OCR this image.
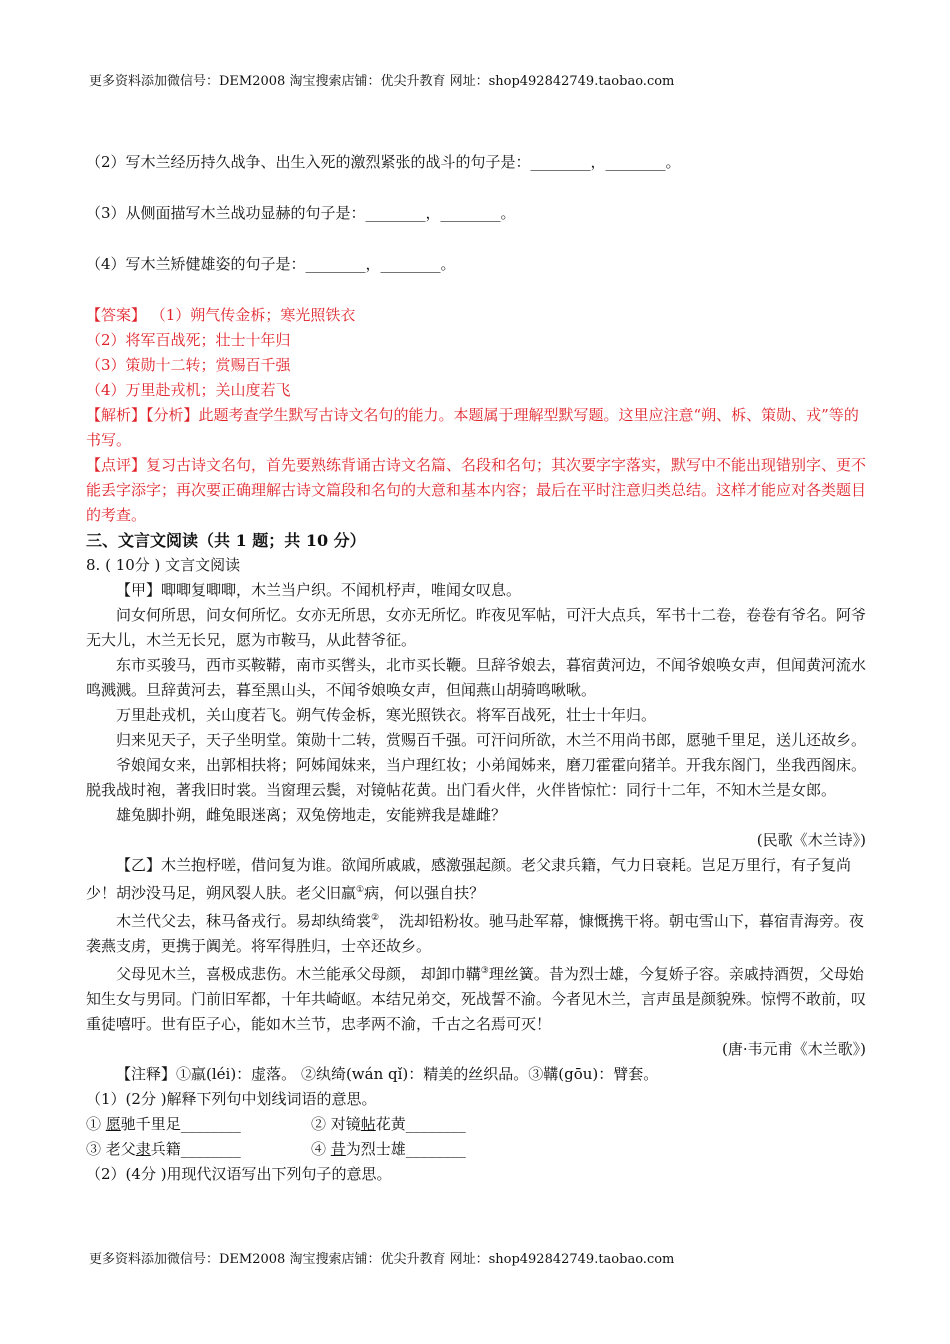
更多资料添加微信号：DEM2008 淘宝搜索店铺：优尖升教育 网址：shop492842749.taobao.com

（2）写木兰经历持久战争、出生入死的激烈紧张的战斗的句子是：________，________。

（3）从侧面描写木兰战功显赫的句子是：________，________。

（4）写木兰矫健雄姿的句子是：________，________。

【答案】 （1）朔气传金柝；寒光照铁衣

（2）将军百战死；壮士十年归

（3）策勋十二转；赏赐百千强

（4）万里赴戎机；关山度若飞

【解析】【分析】此题考查学生默写古诗文名句的能力。本题属于理解型默写题。这里应注意“朔、柝、策勋、戎”等的书写。

【点评】复习古诗文名句，首先要熟练背诵古诗文名篇、名段和名句；其次要字字落实，默写中不能出现错别字、更不能丢字添字；再次要正确理解古诗文篇段和名句的大意和基本内容；最后在平时注意归类总结。这样才能应对各类题目的考查。

三、文言文阅读（共 1 题；共 10 分）

8. ( 10分 ) 文言文阅读

【甲】唧唧复唧唧，木兰当户织。不闻机杼声，唯闻女叹息。

问女何所思，问女何所忆。女亦无所思，女亦无所忆。昨夜见军帖，可汗大点兵，军书十二卷，卷卷有爷名。阿爷无大儿，木兰无长兄，愿为市鞍马，从此替爷征。

东市买骏马，西市买鞍鞯，南市买辔头，北市买长鞭。旦辞爷娘去，暮宿黄河边，不闻爷娘唤女声，但闻黄河流水鸣溅溅。旦辞黄河去，暮至黑山头，不闻爷娘唤女声，但闻燕山胡骑鸣啾啾。

万里赴戎机，关山度若飞。朔气传金柝，寒光照铁衣。将军百战死，壮士十年归。

归来见天子，天子坐明堂。策勋十二转，赏赐百千强。可汗问所欲，木兰不用尚书郎，愿驰千里足，送儿还故乡。

爷娘闻女来，出郭相扶将；阿姊闻妹来，当户理红妆；小弟闻姊来，磨刀霍霍向猪羊。开我东阁门，坐我西阁床。脱我战时袍，著我旧时裳。当窗理云鬓，对镜帖花黄。出门看火伴，火伴皆惊忙：同行十二年，不知木兰是女郎。

雄兔脚扑朔，雌兔眼迷离；双兔傍地走，安能辨我是雄雌？

(民歌《木兰诗》)

【乙】木兰抱杼嗟，借问复为谁。欲闻所戚戚，感激强起颜。老父隶兵籍，气力日衰耗。岂足万里行，有子复尚少！胡沙没马足，朔风裂人肤。老父旧羸①病，何以强自扶？

木兰代父去，秣马备戎行。易却纨绮裳②， 洗却铅粉妆。驰马赴军幕，慷慨携干将。朝屯雪山下，暮宿青海旁。夜袭燕支虏，更携于阗羌。将军得胜归，士卒还故乡。

父母见木兰，喜极成悲伤。木兰能承父母颜， 却卸巾鞲③理丝簧。昔为烈士雄，今复娇子容。亲戚持酒贺，父母始知生女与男同。门前旧军都，十年共崎岖。本结兄弟交，死战誓不渝。今者见木兰，言声虽是颜貌殊。惊愕不敢前，叹重徒嘻吁。世有臣子心，能如木兰节，忠孝两不渝，千古之名焉可灭！

(唐·韦元甫《木兰歌》)

【注释】①羸(léi)：虚落。 ②纨绮(wán qǐ)：精美的丝织品。③鞲(gōu)：臂套。

（1）(2分 )解释下列句中划线词语的意思。

① 愿驰千里足________	② 对镜帖花黄________

③ 老父隶兵籍________	④ 昔为烈士雄________

（2）(4分 )用现代汉语写出下列句子的意思。

更多资料添加微信号：DEM2008 淘宝搜索店铺：优尖升教育 网址：shop492842749.taobao.com
